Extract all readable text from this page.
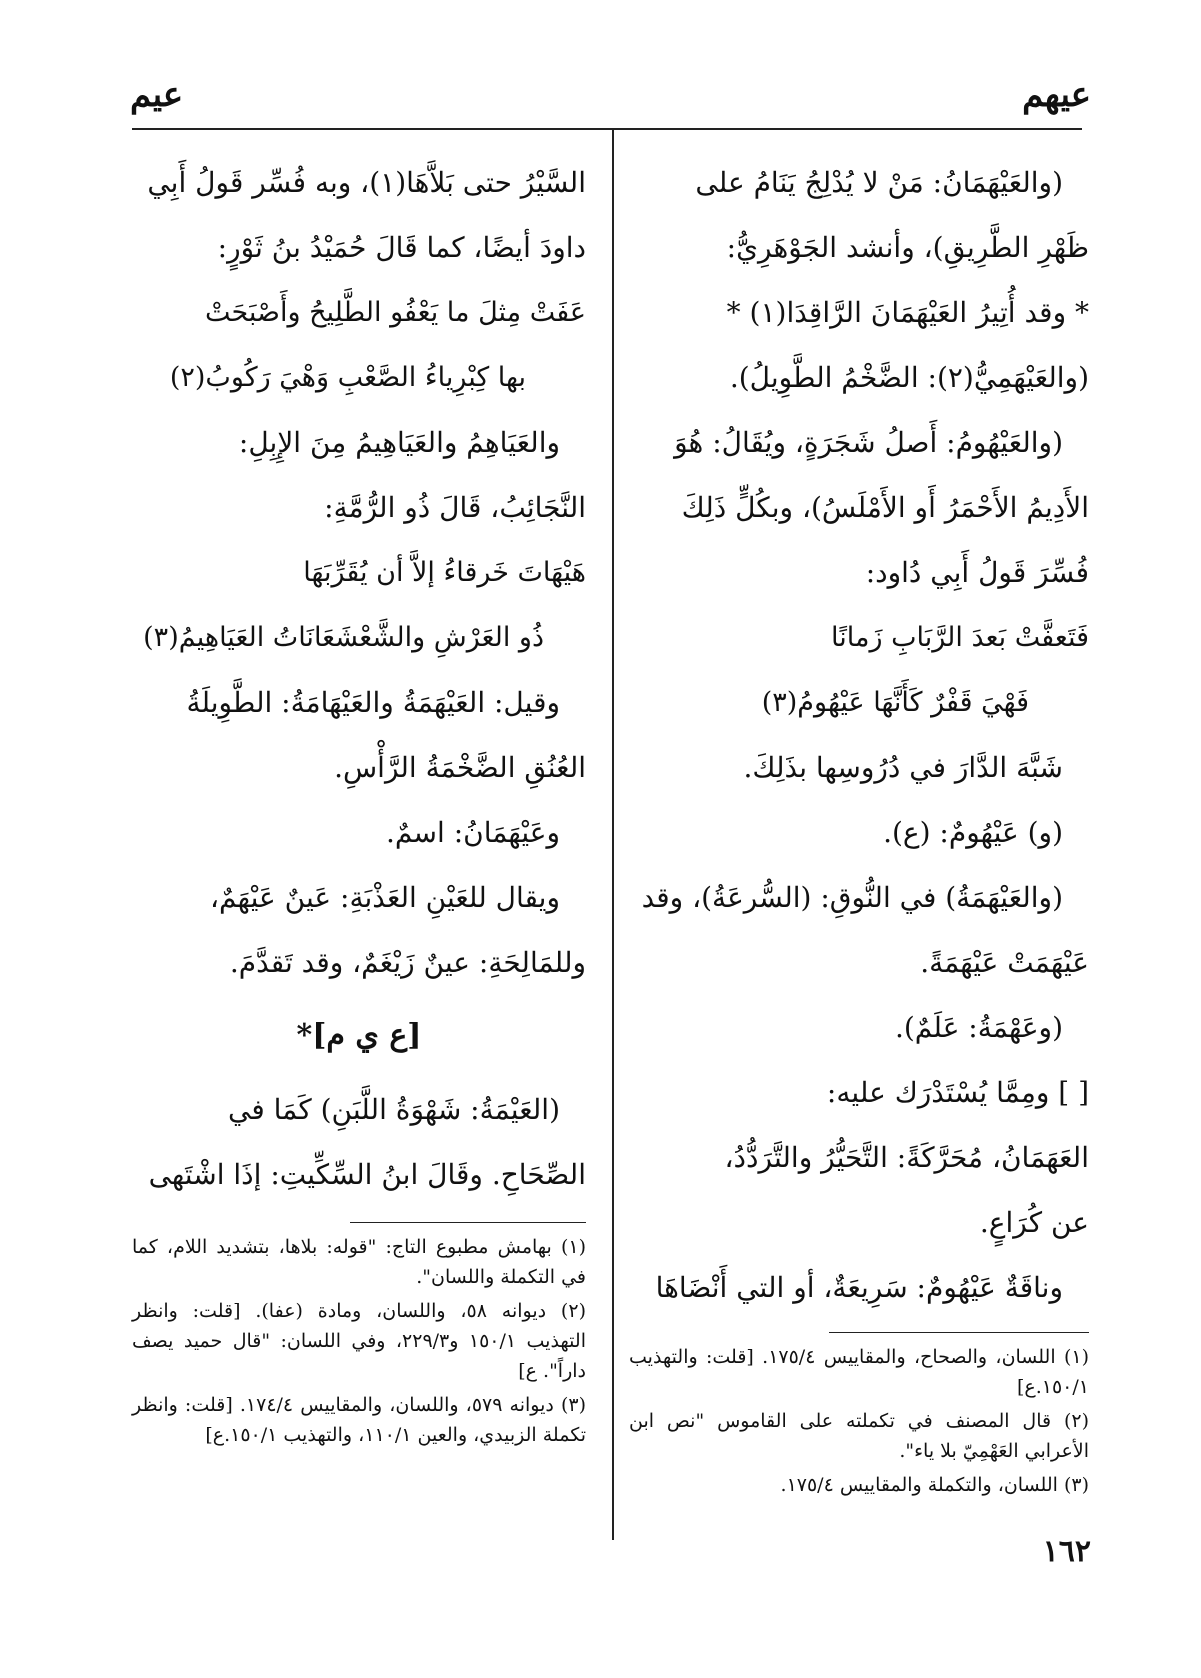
عيهم
عيم

(والعَيْهَمَانُ: مَنْ لا يُدْلِجُ يَنَامُ على

ظَهْرِ الطَّرِيقِ)، وأنشد الجَوْهَرِيُّ:

* وقد أُتِيرُ العَيْهَمَانَ الرَّاقِدَا(١) *

(والعَيْهَمِيُّ(٢): الضَّخْمُ الطَّوِيلُ).

(والعَيْهُومُ: أَصلُ شَجَرَةٍ، ويُقَالُ: هُوَ

الأَدِيمُ الأَحْمَرُ أَو الأَمْلَسُ)، وبكُلٍّ ذَلِكَ

فُسِّرَ قَولُ أَبِي دُاود:

فَتَعفَّتْ بَعدَ الرَّبَابِ زَمانًا

فَهْيَ قَفْرٌ كَأَنَّهَا عَيْهُومُ(٣)

شَبَّهَ الدَّارَ في دُرُوسِها بذَلِكَ.

(و) عَيْهُومٌ: (ع).

(والعَيْهَمَةُ) في النُّوقِ: (السُّرعَةُ)، وقد

عَيْهَمَتْ عَيْهَمَةً.

(وعَهْمَةُ: عَلَمٌ).

[ ] ومِمَّا يُسْتَدْرَك عليه:

العَهَمَانُ، مُحَرَّكَةً: التَّحَيُّرُ والتَّرَدُّدُ،

عن كُرَاعٍ.

وناقَةٌ عَيْهُومٌ: سَرِيعَةٌ، أو التي أَنْضَاهَا

السَّيْرُ حتى بَلاَّهَا(١)، وبه فُسِّر قَولُ أَبِي

داودَ أيضًا، كما قَالَ حُمَيْدُ بنُ ثَوْرٍ:

عَفَتْ مِثلَ ما يَعْفُو الطَّلِيحُ وأَصْبَحَتْ

بها كِبْرِياءُ الصَّعْبِ وَهْيَ رَكُوبُ(٢)

والعَيَاهِمُ والعَيَاهِيمُ مِنَ الإِبِلِ:

النَّجَائِبُ، قَالَ ذُو الرُّمَّةِ:

هَيْهَاتَ خَرقاءُ إلاَّ أن يُقَرِّبَهَا

ذُو العَرْشِ والشَّعْشَعَانَاتُ العَيَاهِيمُ(٣)

وقيل: العَيْهَمَةُ والعَيْهَامَةُ: الطَّوِيلَةُ

العُنُقِ الضَّخْمَةُ الرَّأْسِ.

وعَيْهَمَانُ: اسمٌ.

ويقال للعَيْنِ العَذْبَةِ: عَينٌ عَيْهَمٌ،

وللمَالِحَةِ: عينٌ زَيْغَمٌ، وقد تَقدَّمَ.

[ع ي م]*

(العَيْمَةُ: شَهْوَةُ اللَّبَنِ) كَمَا في

الصِّحَاحِ. وقَالَ ابنُ السِّكِّيتِ: إذَا اشْتَهى

(١) اللسان، والصحاح، والمقاييس ١٧٥/٤. [قلت: والتهذيب ١٥٠/١.ع]

(٢) قال المصنف في تكملته على القاموس "نص ابن الأعرابي العَهْمِيّ بلا ياء".

(٣) اللسان، والتكملة والمقاييس ١٧٥/٤.

(١) بهامش مطبوع التاج: "قوله: بلاها، بتشديد اللام، كما في التكملة واللسان".

(٢) ديوانه ٥٨، واللسان، ومادة (عفا). [قلت: وانظر التهذيب ١٥٠/١ و٢٢٩/٣، وفي اللسان: "قال حميد يصف داراً". ع]

(٣) ديوانه ٥٧٩، واللسان، والمقاييس ١٧٤/٤. [قلت: وانظر تكملة الزبيدي، والعين ١١٠/١، والتهذيب ١٥٠/١.ع]

١٦٢
